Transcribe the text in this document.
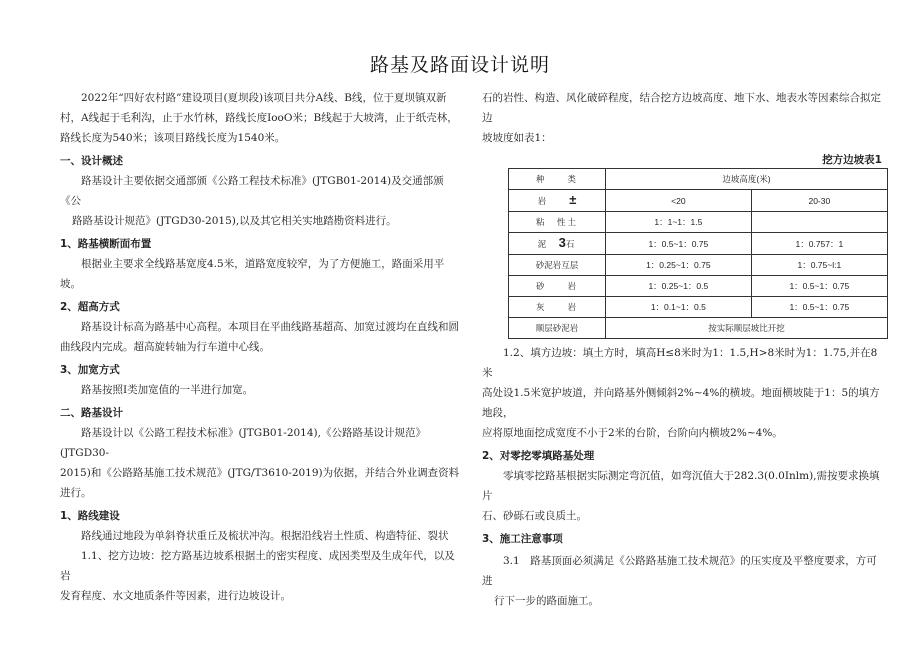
路基及路面设计说明

2022年“四好农村路”建设项目(夏坝段)该项目共分A线、B线，位于夏坝镇双新

村，A线起于毛利沟，止于水竹林，路线长度IooO米；B线起于大坡湾，止于纸壳林，

路线长度为540米；该项目路线长度为1540米。

一、设计概述

路基设计主要依据交通部颁《公路工程技术标准》(JTGB01-2014)及交通部颁《公

路路基设计规范》(JTGD30-2015),以及其它相关实地踏勘资料进行。

1、路基横断面布置

根据业主要求全线路基宽度4.5米，道路宽度较窄，为了方便施工，路面采用平

坡。

2、超高方式

路基设计标高为路基中心高程。本项目在平曲线路基超高、加宽过渡均在直线和圆

曲线段内完成。超高旋转轴为行车道中心线。

3、加宽方式

路基按照Ⅰ类加宽值的一半进行加宽。

二、路基设计

路基设计以《公路工程技术标准》(JTGB01-2014),《公路路基设计规范》(JTGD30-

2015)和《公路路基施工技术规范》(JTG/T3610-2019)为依据，并结合外业调查资料进行。

1、路线建设

路线通过地段为单斜脊状重丘及梳状冲沟。根据沿线岩土性质、构造特征、裂状

1.1、挖方边坡：挖方路基边坡系根据土的密实程度、成因类型及生成年代，以及岩

发育程度、水文地质条件等因素，进行边坡设计。

石的岩性、构造、风化破碎程度，结合挖方边坡高度、地下水、地表水等因素综合拟定边

坡坡度如表1：

挖方边坡表1
种　　类	边坡高度(米)	
岩　　 ±	<20	20-30
粘　性土	1：1~1：1.5	
泥　 3石	1：0.5~1：0.75	1：0.757：1
砂泥岩互层	1：0.25~1：0.75	1：0.75~l:1
砂　　岩	1：0.25~1：0.5	1：0.5~1：0.75
灰　　岩	1：0.1~1：0.5	1：0.5~1：0.75
顺层砂泥岩	按实际顺层坡比开挖	

1.2、填方边坡：填土方时，填高H≤8米时为1：1.5,H>8米时为1：1.75,并在8米

高处设1.5米宽护坡道，并向路基外侧倾斜2%~4%的横坡。地面横坡陡于1：5的填方地段，

应将原地面挖成宽度不小于2米的台阶，台阶向内横坡2%~4%。

2、对零挖零填路基处理

零填零挖路基根据实际测定弯沉值，如弯沉值大于282.3(0.0Inlm),需按要求换填片

石、砂砾石或良质土。

3、施工注意事项

3.1　路基顶面必须满足《公路路基施工技术规范》的压实度及平整度要求，方可进

行下一步的路面施工。
